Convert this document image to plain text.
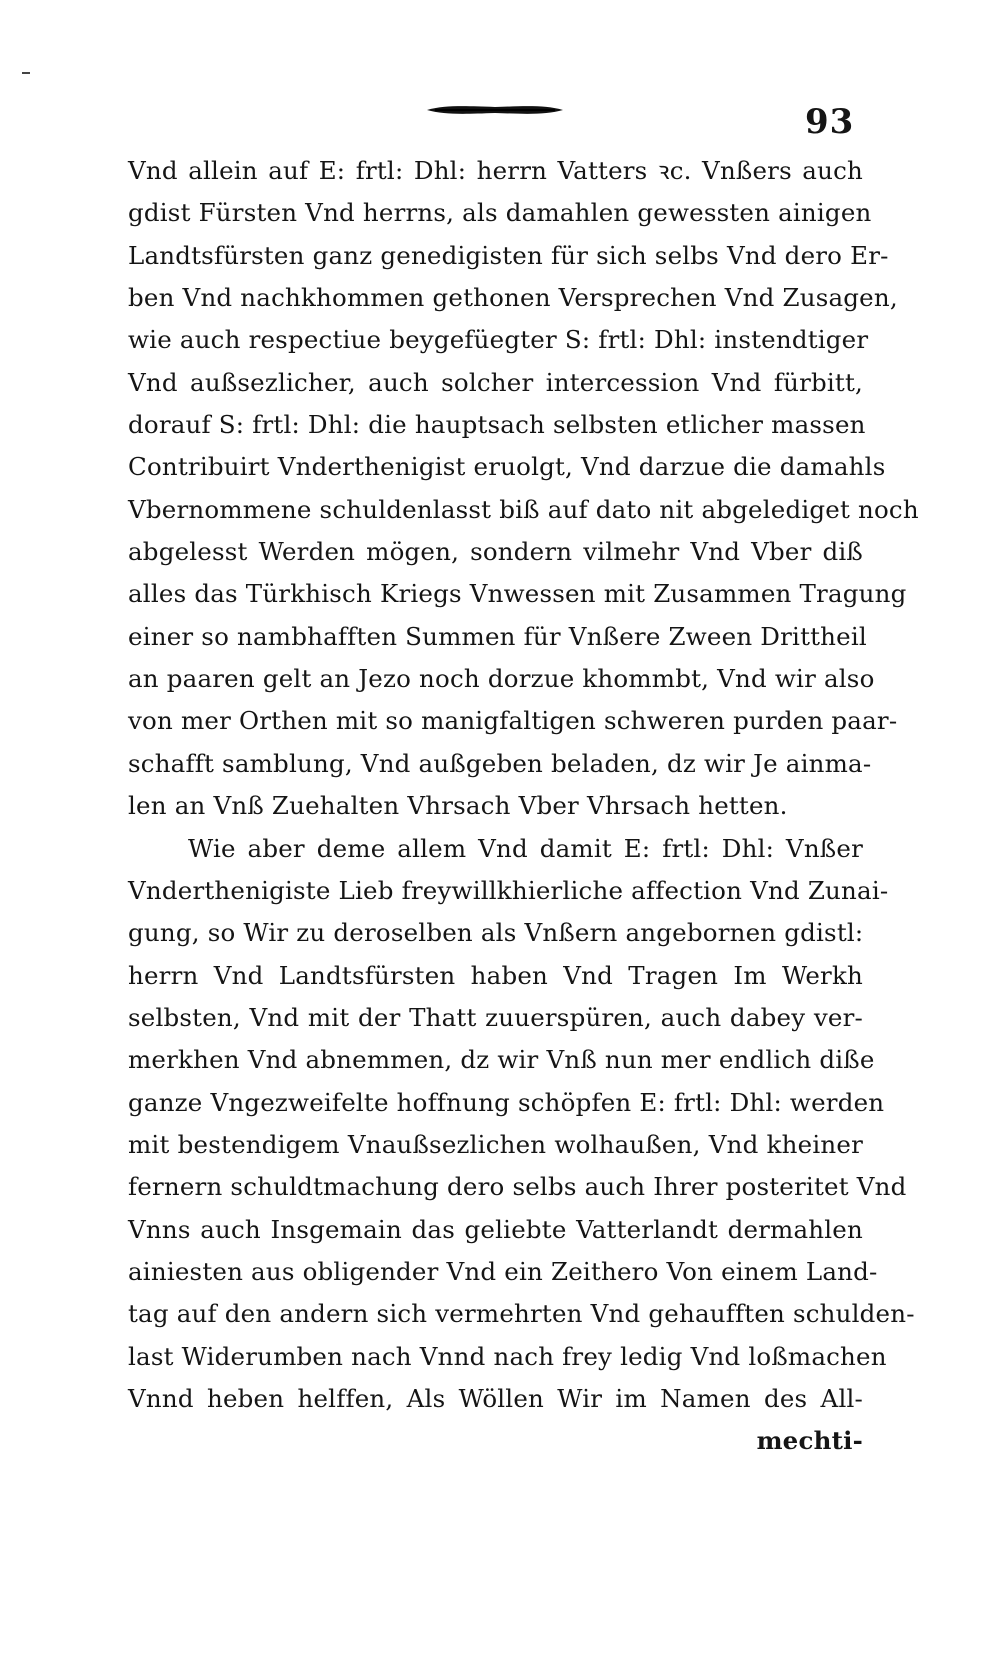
93
Vnd allein auf E: frtl: Dhl: herrn Vatters ꝛc. Vnßers auch
gdist Fürsten Vnd herrns, als damahlen gewessten ainigen
Landtsfürsten ganz genedigisten für sich selbs Vnd dero Er-
ben Vnd nachkhommen gethonen Versprechen Vnd Zusagen,
wie auch respectiue beygefüegter S: frtl: Dhl: instendtiger
Vnd außsezlicher, auch solcher intercession Vnd fürbitt,
dorauf S: frtl: Dhl: die hauptsach selbsten etlicher massen
Contribuirt Vnderthenigist eruolgt, Vnd darzue die damahls
Vbernommene schuldenlasst biß auf dato nit abgelediget noch
abgelesst Werden mögen, sondern vilmehr Vnd Vber diß
alles das Türkhisch Kriegs Vnwessen mit Zusammen Tragung
einer so nambhafften Summen für Vnßere Zween Drittheil
an paaren gelt an Jezo noch dorzue khommbt, Vnd wir also
von mer Orthen mit so manigfaltigen schweren purden paar-
schafft samblung, Vnd außgeben beladen, dz wir Je ainma-
len an Vnß Zuehalten Vhrsach Vber Vhrsach hetten.
Wie aber deme allem Vnd damit E: frtl: Dhl: Vnßer
Vnderthenigiste Lieb freywillkhierliche affection Vnd Zunai-
gung, so Wir zu deroselben als Vnßern angebornen gdistl:
herrn Vnd Landtsfürsten haben Vnd Tragen Im Werkh
selbsten, Vnd mit der Thatt zuuerspüren, auch dabey ver-
merkhen Vnd abnemmen, dz wir Vnß nun mer endlich diße
ganze Vngezweifelte hoffnung schöpfen E: frtl: Dhl: werden
mit bestendigem Vnaußsezlichen wolhaußen, Vnd kheiner
fernern schuldtmachung dero selbs auch Ihrer posteritet Vnd
Vnns auch Insgemain das geliebte Vatterlandt dermahlen
ainiesten aus obligender Vnd ein Zeithero Von einem Land-
tag auf den andern sich vermehrten Vnd gehaufften schulden-
last Widerumben nach Vnnd nach frey ledig Vnd loßmachen
Vnnd heben helffen, Als Wöllen Wir im Namen des All-
mechti-
